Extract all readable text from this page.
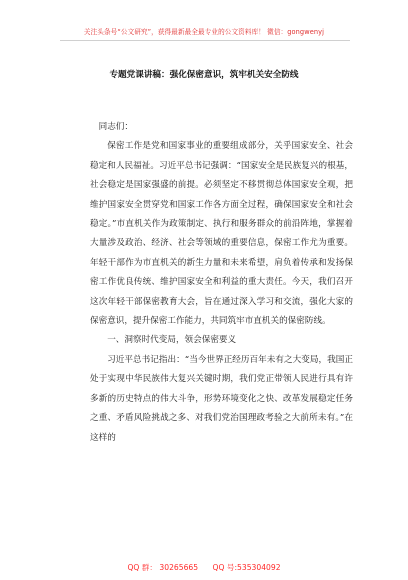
关注头条号“公文研究”，获得最新最全最专业的公文资料库！ 微信：gongwenyj
专题党课讲稿：强化保密意识，筑牢机关安全防线

同志们：

保密工作是党和国家事业的重要组成部分，关乎国家安全、社会稳定和人民福祉。习近平总书记强调：“国家安全是民族复兴的根基，社会稳定是国家强盛的前提。必须坚定不移贯彻总体国家安全观，把维护国家安全贯穿党和国家工作各方面全过程，确保国家安全和社会稳定。”市直机关作为政策制定、执行和服务群众的前沿阵地，掌握着大量涉及政治、经济、社会等领域的重要信息，保密工作尤为重要。年轻干部作为市直机关的新生力量和未来希望，肩负着传承和发扬保密工作优良传统、维护国家安全和利益的重大责任。今天，我们召开这次年轻干部保密教育大会，旨在通过深入学习和交流，强化大家的保密意识，提升保密工作能力，共同筑牢市直机关的保密防线。

一、洞察时代变局，领会保密要义

习近平总书记指出：“当今世界正经历百年未有之大变局，我国正处于实现中华民族伟大复兴关键时期，我们党正带领人民进行具有许多新的历史特点的伟大斗争，形势环境变化之快、改革发展稳定任务之重、矛盾风险挑战之多、对我们党治国理政考验之大前所未有。”在这样的

QQ 群： 30265665      QQ 号:535304092
